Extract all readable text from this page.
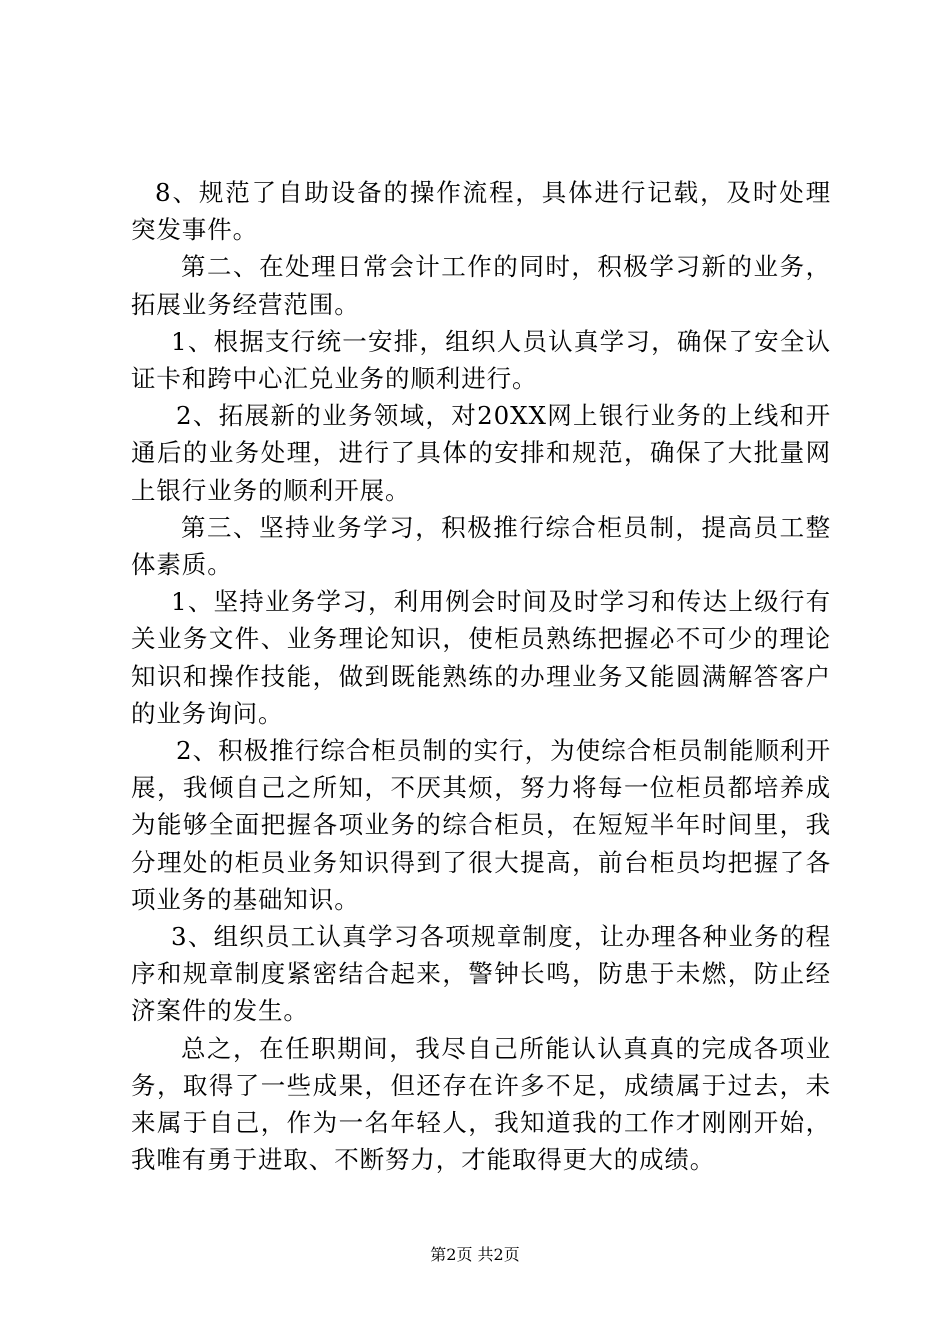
8、规范了自助设备的操作流程，具体进行记载，及时处理突发事件。

第二、在处理日常会计工作的同时，积极学习新的业务，拓展业务经营范围。

1、根据支行统一安排，组织人员认真学习，确保了安全认证卡和跨中心汇兑业务的顺利进行。

2、拓展新的业务领域，对20XX网上银行业务的上线和开通后的业务处理，进行了具体的安排和规范，确保了大批量网上银行业务的顺利开展。

第三、坚持业务学习，积极推行综合柜员制，提高员工整体素质。

1、坚持业务学习，利用例会时间及时学习和传达上级行有关业务文件、业务理论知识，使柜员熟练把握必不可少的理论知识和操作技能，做到既能熟练的办理业务又能圆满解答客户的业务询问。

2、积极推行综合柜员制的实行，为使综合柜员制能顺利开展，我倾自己之所知，不厌其烦，努力将每一位柜员都培养成为能够全面把握各项业务的综合柜员，在短短半年时间里，我分理处的柜员业务知识得到了很大提高，前台柜员均把握了各项业务的基础知识。

3、组织员工认真学习各项规章制度，让办理各种业务的程序和规章制度紧密结合起来，警钟长鸣，防患于未燃，防止经济案件的发生。

总之，在任职期间，我尽自己所能认认真真的完成各项业务，取得了一些成果，但还存在许多不足，成绩属于过去，未来属于自己，作为一名年轻人，我知道我的工作才刚刚开始，我唯有勇于进取、不断努力，才能取得更大的成绩。

第2页 共2页
